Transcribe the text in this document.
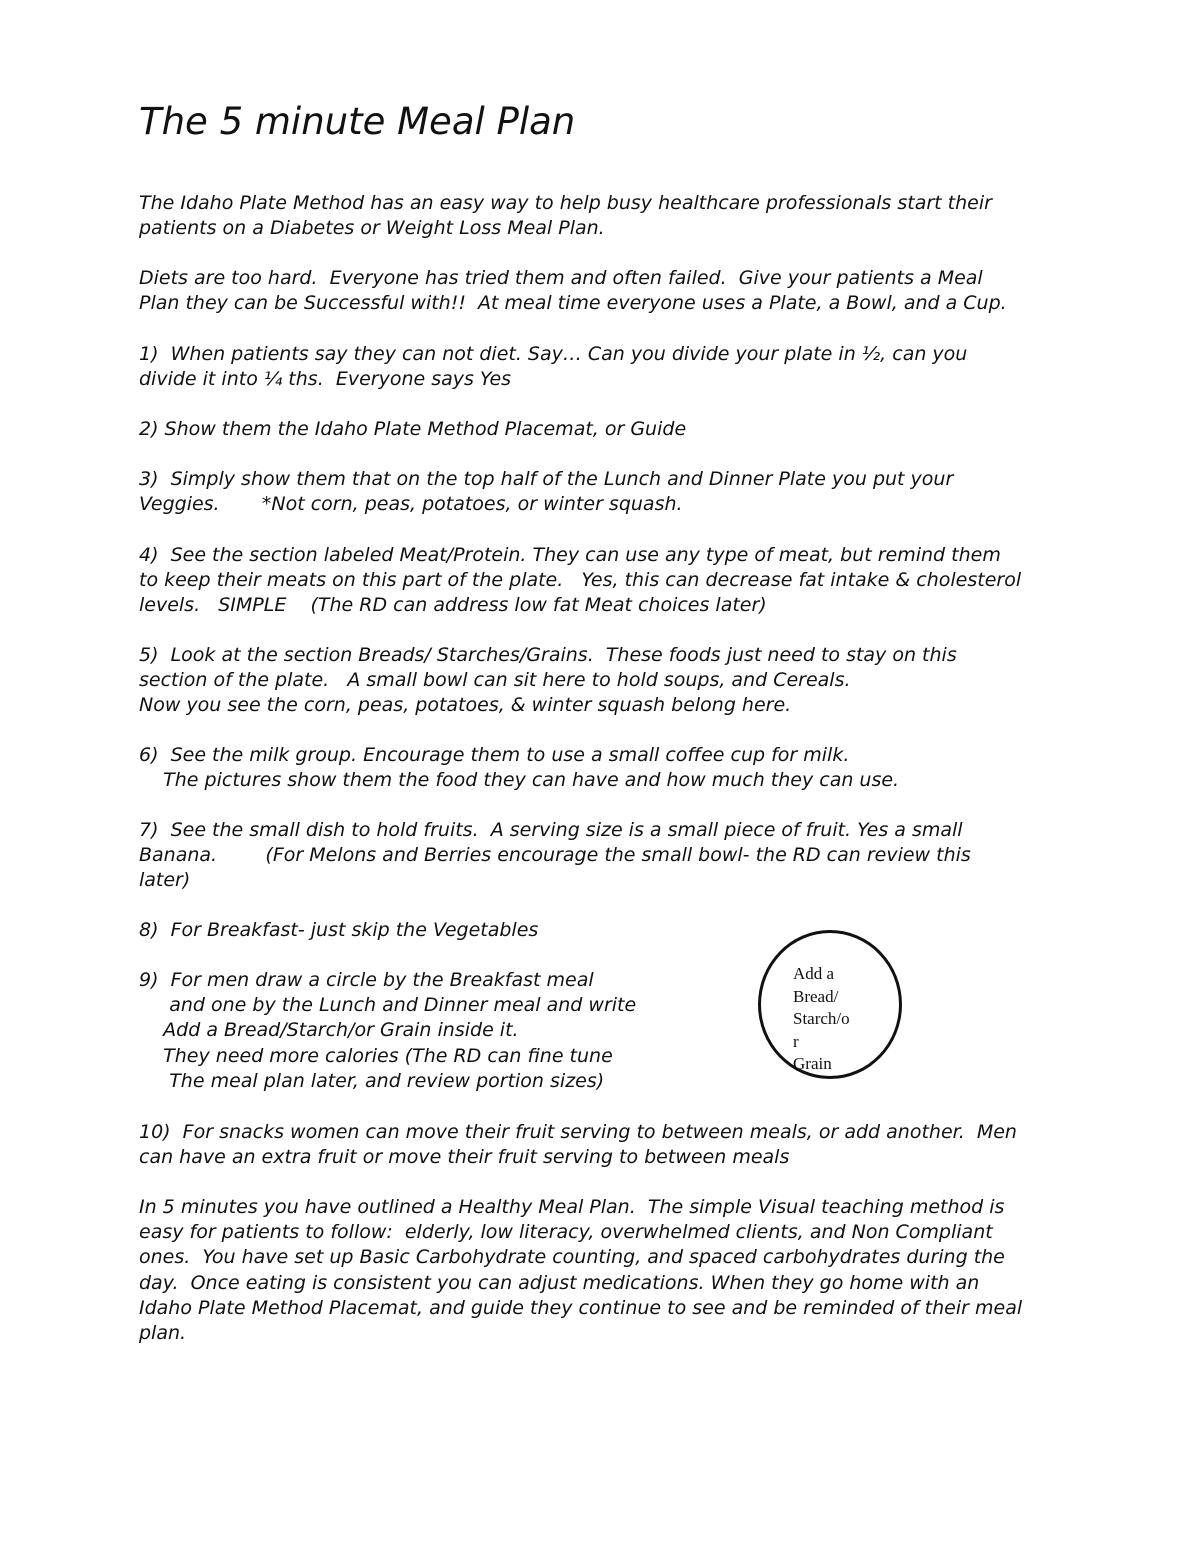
The 5 minute Meal Plan

The Idaho Plate Method has an easy way to help busy healthcare professionals start their
patients on a Diabetes or Weight Loss Meal Plan.

Diets are too hard.  Everyone has tried them and often failed.  Give your patients a Meal
Plan they can be Successful with!!  At meal time everyone uses a Plate, a Bowl, and a Cup.

1)  When patients say they can not diet. Say… Can you divide your plate in ½, can you
divide it into ¼ ths.  Everyone says Yes

2) Show them the Idaho Plate Method Placemat, or Guide

3)  Simply show them that on the top half of the Lunch and Dinner Plate you put your
Veggies.       *Not corn, peas, potatoes, or winter squash.

4)  See the section labeled Meat/Protein. They can use any type of meat, but remind them
to keep their meats on this part of the plate.   Yes, this can decrease fat intake & cholesterol
levels.   SIMPLE    (The RD can address low fat Meat choices later)

5)  Look at the section Breads/ Starches/Grains.  These foods just need to stay on this
section of the plate.   A small bowl can sit here to hold soups, and Cereals.
Now you see the corn, peas, potatoes, & winter squash belong here.

6)  See the milk group. Encourage them to use a small coffee cup for milk.
The pictures show them the food they can have and how much they can use.

7)  See the small dish to hold fruits.  A serving size is a small piece of fruit. Yes a small
Banana.        (For Melons and Berries encourage the small bowl- the RD can review this
later)

8)  For Breakfast- just skip the Vegetables

9)  For men draw a circle by the Breakfast meal
and one by the Lunch and Dinner meal and write
Add a Bread/Starch/or Grain inside it.
They need more calories (The RD can fine tune
The meal plan later, and review portion sizes)

10)  For snacks women can move their fruit serving to between meals, or add another.  Men
can have an extra fruit or move their fruit serving to between meals

In 5 minutes you have outlined a Healthy Meal Plan.  The simple Visual teaching method is
easy for patients to follow:  elderly, low literacy, overwhelmed clients, and Non Compliant
ones.  You have set up Basic Carbohydrate counting, and spaced carbohydrates during the
day.  Once eating is consistent you can adjust medications. When they go home with an
Idaho Plate Method Placemat, and guide they continue to see and be reminded of their meal
plan.

Add a
Bread/
Starch/o
r
Grain
